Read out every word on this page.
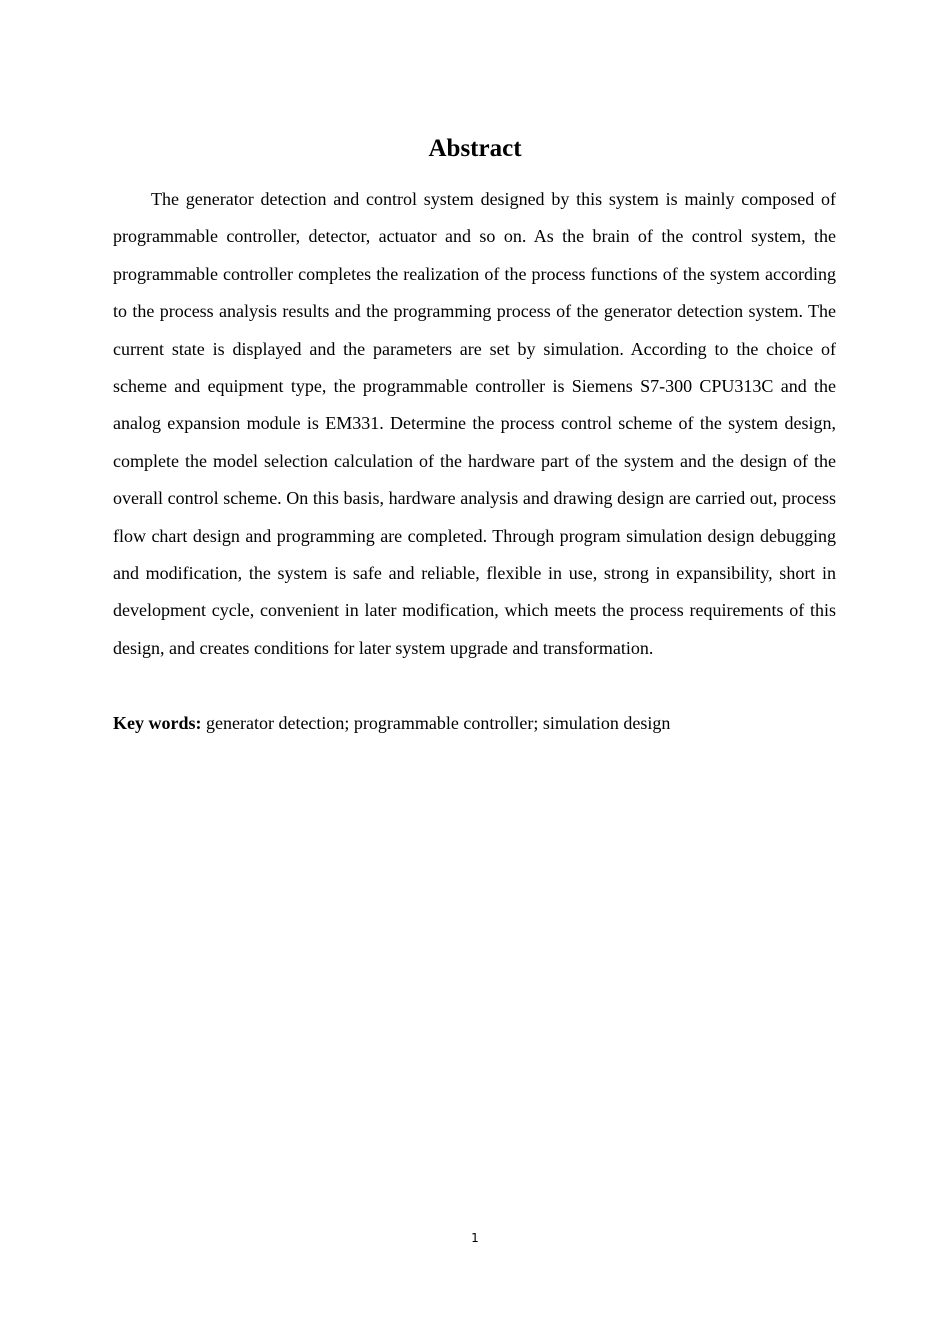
Abstract

The generator detection and control system designed by this system is mainly composed of programmable controller, detector, actuator and so on. As the brain of the control system, the programmable controller completes the realization of the process functions of the system according to the process analysis results and the programming process of the generator detection system. The current state is displayed and the parameters are set by simulation. According to the choice of scheme and equipment type, the programmable controller is Siemens S7-300 CPU313C and the analog expansion module is EM331. Determine the process control scheme of the system design, complete the model selection calculation of the hardware part of the system and the design of the overall control scheme. On this basis, hardware analysis and drawing design are carried out, process flow chart design and programming are completed. Through program simulation design debugging and modification, the system is safe and reliable, flexible in use, strong in expansibility, short in development cycle, convenient in later modification, which meets the process requirements of this design, and creates conditions for later system upgrade and transformation.

Key words: generator detection; programmable controller; simulation design

1
